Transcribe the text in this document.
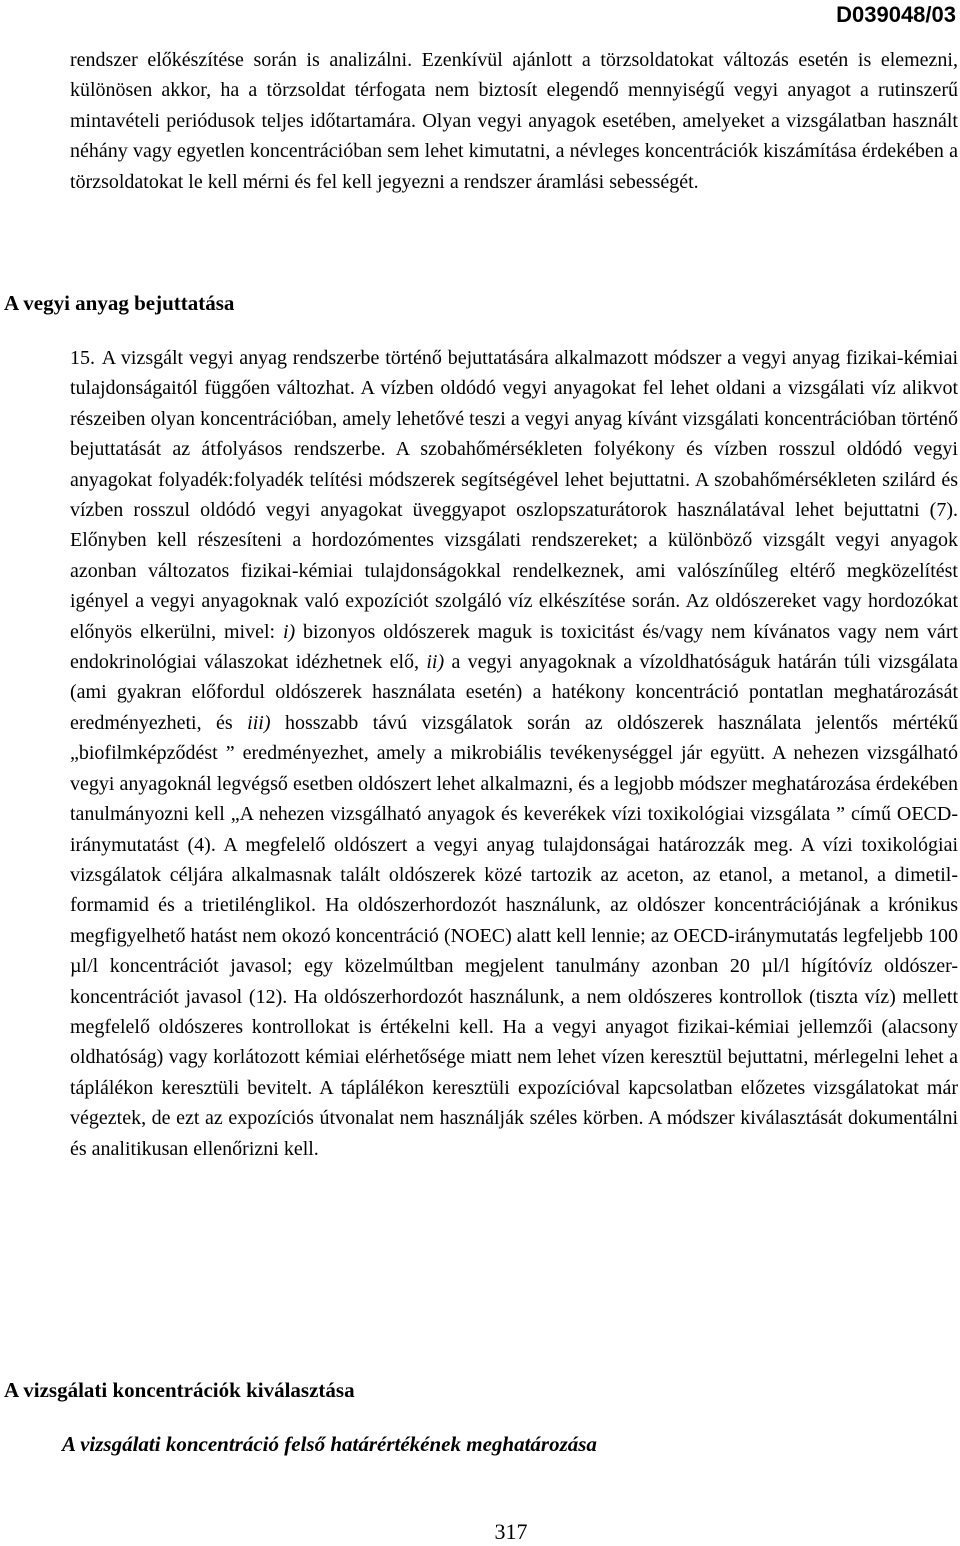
D039048/03

rendszer előkészítése során is analizálni. Ezenkívül ajánlott a törzsoldatokat változás esetén is elemezni, különösen akkor, ha a törzsoldat térfogata nem biztosít elegendő mennyiségű vegyi anyagot a rutinszerű mintavételi periódusok teljes időtartamára. Olyan vegyi anyagok esetében, amelyeket a vizsgálatban használt néhány vagy egyetlen koncentrációban sem lehet kimutatni, a névleges koncentrációk kiszámítása érdekében a törzsoldatokat le kell mérni és fel kell jegyezni a rendszer áramlási sebességét.

A vegyi anyag bejuttatása

15. A vizsgált vegyi anyag rendszerbe történő bejuttatására alkalmazott módszer a vegyi anyag fizikai-kémiai tulajdonságaitól függően változhat. A vízben oldódó vegyi anyagokat fel lehet oldani a vizsgálati víz alikvot részeiben olyan koncentrációban, amely lehetővé teszi a vegyi anyag kívánt vizsgálati koncentrációban történő bejuttatását az átfolyásos rendszerbe. A szobahőmérsékleten folyékony és vízben rosszul oldódó vegyi anyagokat folyadék:folyadék telítési módszerek segítségével lehet bejuttatni. A szobahőmérsékleten szilárd és vízben rosszul oldódó vegyi anyagokat üveggyapot oszlopszaturátorok használatával lehet bejuttatni (7). Előnyben kell részesíteni a hordozómentes vizsgálati rendszereket; a különböző vizsgált vegyi anyagok azonban változatos fizikai-kémiai tulajdonságokkal rendelkeznek, ami valószínűleg eltérő megközelítést igényel a vegyi anyagoknak való expozíciót szolgáló víz elkészítése során. Az oldószereket vagy hordozókat előnyös elkerülni, mivel: i) bizonyos oldószerek maguk is toxicitást és/vagy nem kívánatos vagy nem várt endokrinológiai válaszokat idézhetnek elő, ii) a vegyi anyagoknak a vízoldhatóságuk határán túli vizsgálata (ami gyakran előfordul oldószerek használata esetén) a hatékony koncentráció pontatlan meghatározását eredményezheti, és iii) hosszabb távú vizsgálatok során az oldószerek használata jelentős mértékű „biofilmképződést ” eredményezhet, amely a mikrobiális tevékenységgel jár együtt. A nehezen vizsgálható vegyi anyagoknál legvégső esetben oldószert lehet alkalmazni, és a legjobb módszer meghatározása érdekében tanulmányozni kell „A nehezen vizsgálható anyagok és keverékek vízi toxikológiai vizsgálata ” című OECD-iránymutatást (4). A megfelelő oldószert a vegyi anyag tulajdonságai határozzák meg. A vízi toxikológiai vizsgálatok céljára alkalmasnak talált oldószerek közé tartozik az aceton, az etanol, a metanol, a dimetil-formamid és a trietilénglikol. Ha oldószerhordozót használunk, az oldószer koncentrációjának a krónikus megfigyelhető hatást nem okozó koncentráció (NOEC) alatt kell lennie; az OECD-iránymutatás legfeljebb 100 µl/l koncentrációt javasol; egy közelmúltban megjelent tanulmány azonban 20 µl/l hígítóvíz oldószer-koncentrációt javasol (12). Ha oldószerhordozót használunk, a nem oldószeres kontrollok (tiszta víz) mellett megfelelő oldószeres kontrollokat is értékelni kell. Ha a vegyi anyagot fizikai-kémiai jellemzői (alacsony oldhatóság) vagy korlátozott kémiai elérhetősége miatt nem lehet vízen keresztül bejuttatni, mérlegelni lehet a táplálékon keresztüli bevitelt. A táplálékon keresztüli expozícióval kapcsolatban előzetes vizsgálatokat már végeztek, de ezt az expozíciós útvonalat nem használják széles körben. A módszer kiválasztását dokumentálni és analitikusan ellenőrizni kell.

A vizsgálati koncentrációk kiválasztása
A vizsgálati koncentráció felső határértékének meghatározása
317
